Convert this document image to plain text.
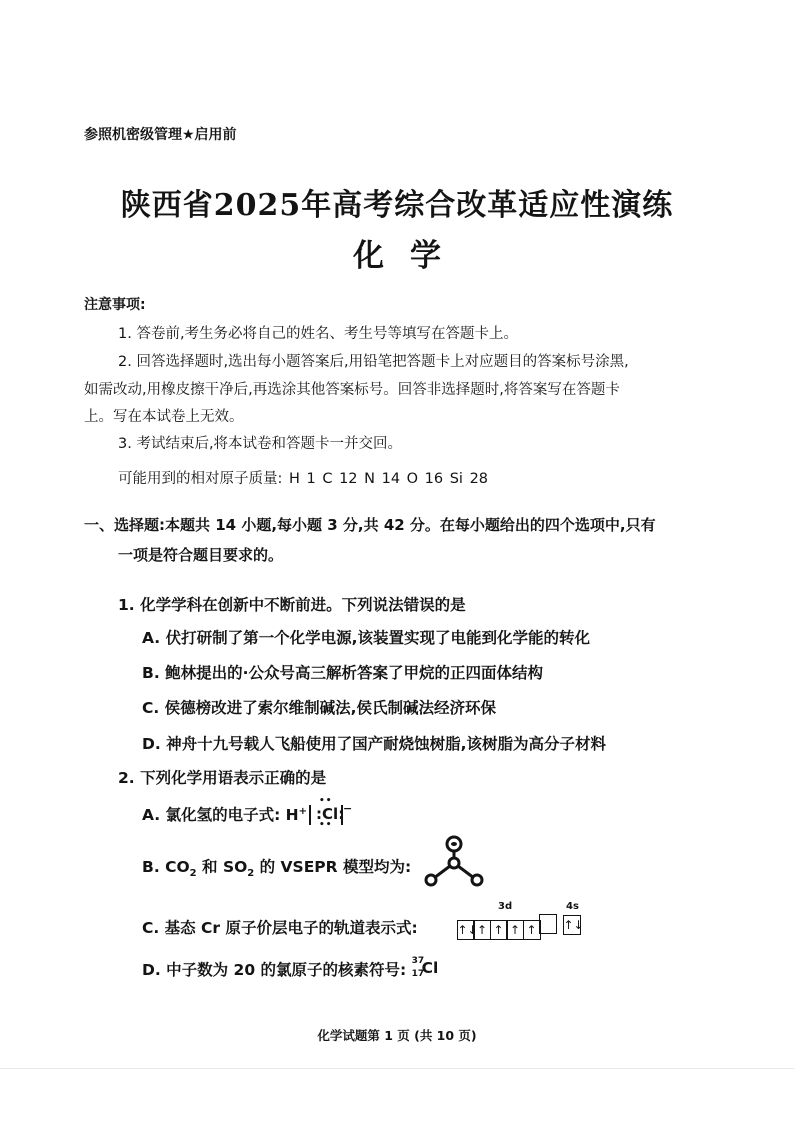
参照机密级管理★启用前
陕西省2025年高考综合改革适应性演练
化学
注意事项:
1. 答卷前,考生务必将自己的姓名、考生号等填写在答题卡上。
2. 回答选择题时,选出每小题答案后,用铅笔把答题卡上对应题目的答案标号涂黑,
如需改动,用橡皮擦干净后,再选涂其他答案标号。回答非选择题时,将答案写在答题卡
上。写在本试卷上无效。
3. 考试结束后,将本试卷和答题卡一并交回。
可能用到的相对原子质量: H 1 C 12 N 14 O 16 Si 28
一、选择题:本题共 14 小题,每小题 3 分,共 42 分。在每小题给出的四个选项中,只有
一项是符合题目要求的。
1. 化学学科在创新中不断前进。下列说法错误的是
A. 伏打研制了第一个化学电源,该装置实现了电能到化学能的转化
B. 鲍林提出的·公众号高三解析答案了甲烷的正四面体结构
C. 侯德榜改进了索尔维制碱法,侯氏制碱法经济环保
D. 神舟十九号载人飞船使用了国产耐烧蚀树脂,该树脂为高分子材料
2. 下列化学用语表示正确的是
A. 氯化氢的电子式: H+
••
:Cl:
••
−
B. $CO_2$ 和 $SO_2$ 的 VSEPR 模型均为:
C. 基态 Cr 原子价层电子的轨道表示式:
3d	4s
↑↓↑ ↑ ↑ ↑	↑↓
D. 中子数为 20 的氯原子的核素符号: 37
17
Cl
化学试题第 1 页 (共 10 页)
